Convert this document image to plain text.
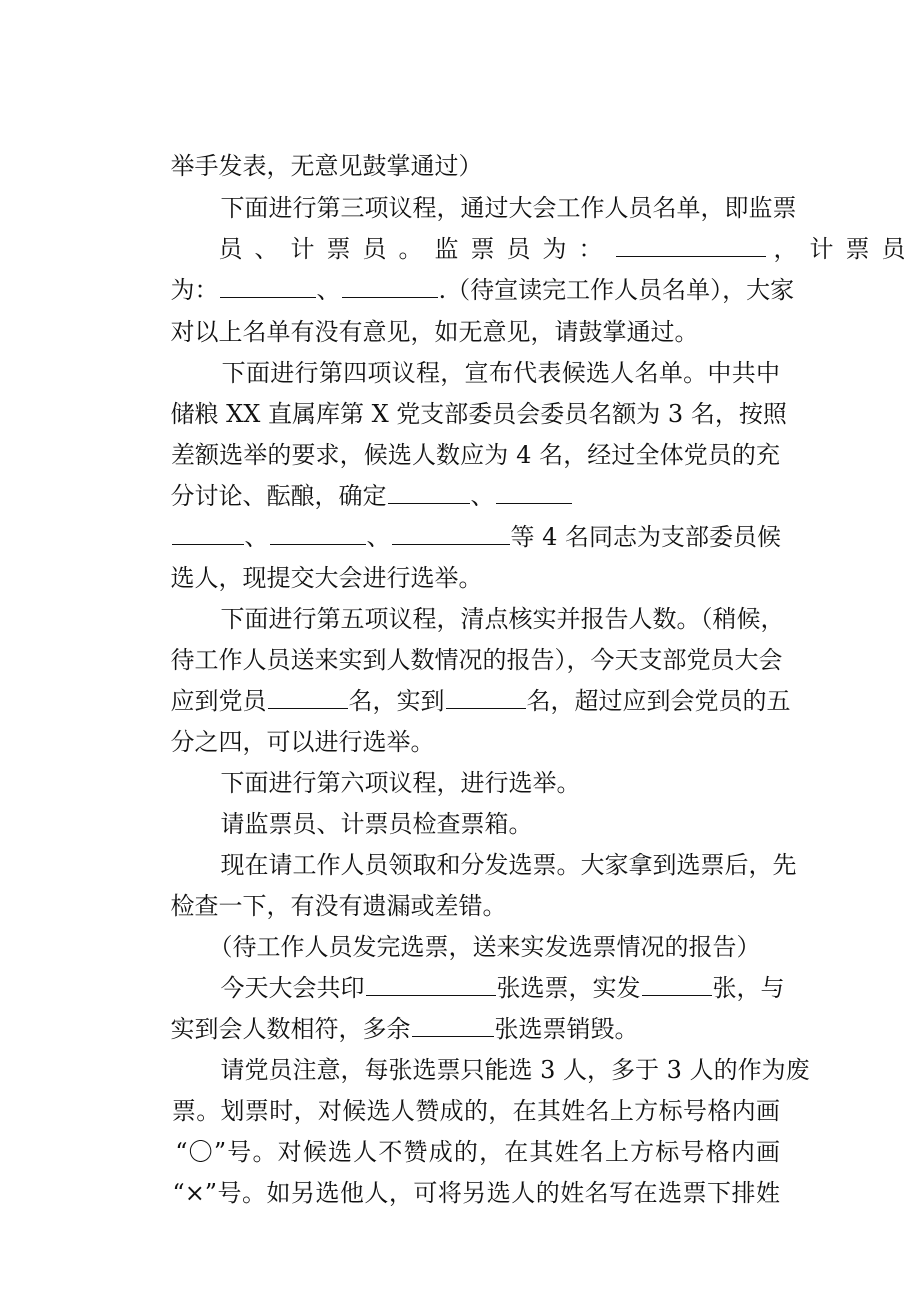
举手发表，无意见鼓掌通过）

下面进行第三项议程，通过大会工作人员名单，即监票

员、计票员。监票员为：	，计票员

为：	、	.（待宣读完工作人员名单），大家

对以上名单有没有意见，如无意见，请鼓掌通过。

下面进行第四项议程，宣布代表候选人名单。中共中

储粮 XX 直属库第 X 党支部委员会委员名额为 3 名，按照

差额选举的要求，候选人数应为 4 名，经过全体党员的充

分讨论、酝酿，确定	、

、	、	等 4 名同志为支部委员候

选人，现提交大会进行选举。

下面进行第五项议程，清点核实并报告人数。（稍候，

待工作人员送来实到人数情况的报告），今天支部党员大会

应到党员	名，实到	名，超过应到会党员的五

分之四，可以进行选举。

下面进行第六项议程，进行选举。

请监票员、计票员检查票箱。

现在请工作人员领取和分发选票。大家拿到选票后，先

检查一下，有没有遗漏或差错。

（待工作人员发完选票，送来实发选票情况的报告）

今天大会共印	张选票，实发	张，与

实到会人数相符，多余	张选票销毁。

请党员注意，每张选票只能选 3 人，多于 3 人的作为废

票。划票时，对候选人赞成的，在其姓名上方标号格内画

“〇”号。对候选人不赞成的，在其姓名上方标号格内画

“×”号。如另选他人，可将另选人的姓名写在选票下排姓
